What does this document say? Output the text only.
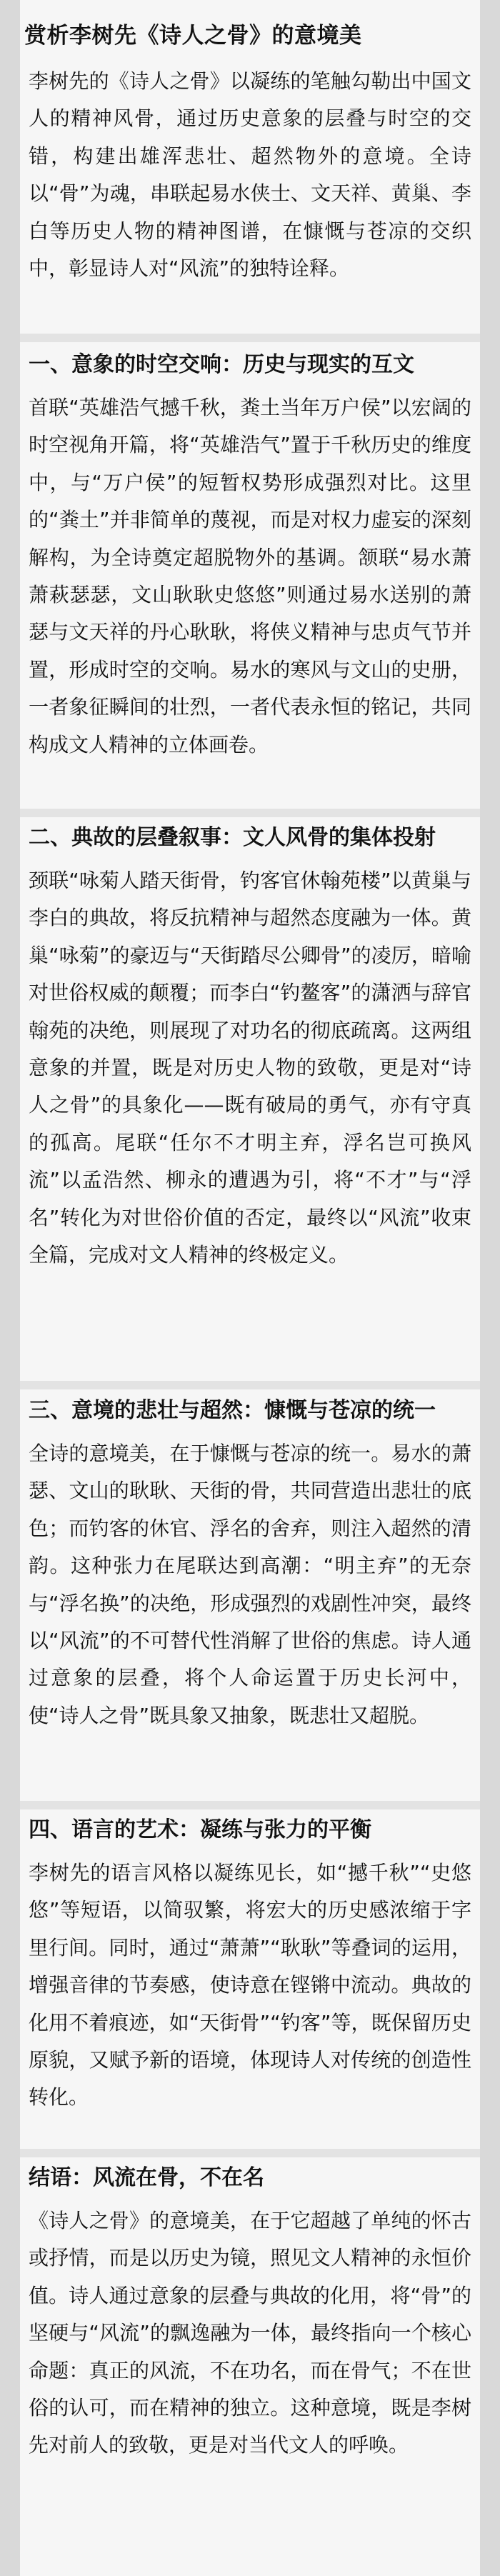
赏析李树先《诗人之骨》的意境美

李树先的《诗人之骨》以凝练的笔触勾勒出中国文人的精神风骨，通过历史意象的层叠与时空的交错，构建出雄浑悲壮、超然物外的意境。全诗以“骨”为魂，串联起易水侠士、文天祥、黄巢、李白等历史人物的精神图谱，在慷慨与苍凉的交织中，彰显诗人对“风流”的独特诠释。

一、意象的时空交响：历史与现实的互文

首联“英雄浩气撼千秋，粪土当年万户侯”以宏阔的时空视角开篇，将“英雄浩气”置于千秋历史的维度中，与“万户侯”的短暂权势形成强烈对比。这里的“粪土”并非简单的蔑视，而是对权力虚妄的深刻解构，为全诗奠定超脱物外的基调。颔联“易水萧萧萩瑟瑟，文山耿耿史悠悠”则通过易水送别的萧瑟与文天祥的丹心耿耿，将侠义精神与忠贞气节并置，形成时空的交响。易水的寒风与文山的史册，一者象征瞬间的壮烈，一者代表永恒的铭记，共同构成文人精神的立体画卷。

二、典故的层叠叙事：文人风骨的集体投射

颈联“咏菊人踏天街骨，钓客官休翰苑楼”以黄巢与李白的典故，将反抗精神与超然态度融为一体。黄巢“咏菊”的豪迈与“天街踏尽公卿骨”的凌厉，暗喻对世俗权威的颠覆；而李白“钓鳌客”的潇洒与辞官翰苑的决绝，则展现了对功名的彻底疏离。这两组意象的并置，既是对历史人物的致敬，更是对“诗人之骨”的具象化——既有破局的勇气，亦有守真的孤高。尾联“任尔不才明主弃，浮名岂可换风流”以孟浩然、柳永的遭遇为引，将“不才”与“浮名”转化为对世俗价值的否定，最终以“风流”收束全篇，完成对文人精神的终极定义。

三、意境的悲壮与超然：慷慨与苍凉的统一

全诗的意境美，在于慷慨与苍凉的统一。易水的萧瑟、文山的耿耿、天街的骨，共同营造出悲壮的底色；而钓客的休官、浮名的舍弃，则注入超然的清韵。这种张力在尾联达到高潮：“明主弃”的无奈与“浮名换”的决绝，形成强烈的戏剧性冲突，最终以“风流”的不可替代性消解了世俗的焦虑。诗人通过意象的层叠，将个人命运置于历史长河中，使“诗人之骨”既具象又抽象，既悲壮又超脱。

四、语言的艺术：凝练与张力的平衡

李树先的语言风格以凝练见长，如“撼千秋”“史悠悠”等短语，以简驭繁，将宏大的历史感浓缩于字里行间。同时，通过“萧萧”“耿耿”等叠词的运用，增强音律的节奏感，使诗意在铿锵中流动。典故的化用不着痕迹，如“天街骨”“钓客”等，既保留历史原貌，又赋予新的语境，体现诗人对传统的创造性转化。

结语：风流在骨，不在名

《诗人之骨》的意境美，在于它超越了单纯的怀古或抒情，而是以历史为镜，照见文人精神的永恒价值。诗人通过意象的层叠与典故的化用，将“骨”的坚硬与“风流”的飘逸融为一体，最终指向一个核心命题：真正的风流，不在功名，而在骨气；不在世俗的认可，而在精神的独立。这种意境，既是李树先对前人的致敬，更是对当代文人的呼唤。
